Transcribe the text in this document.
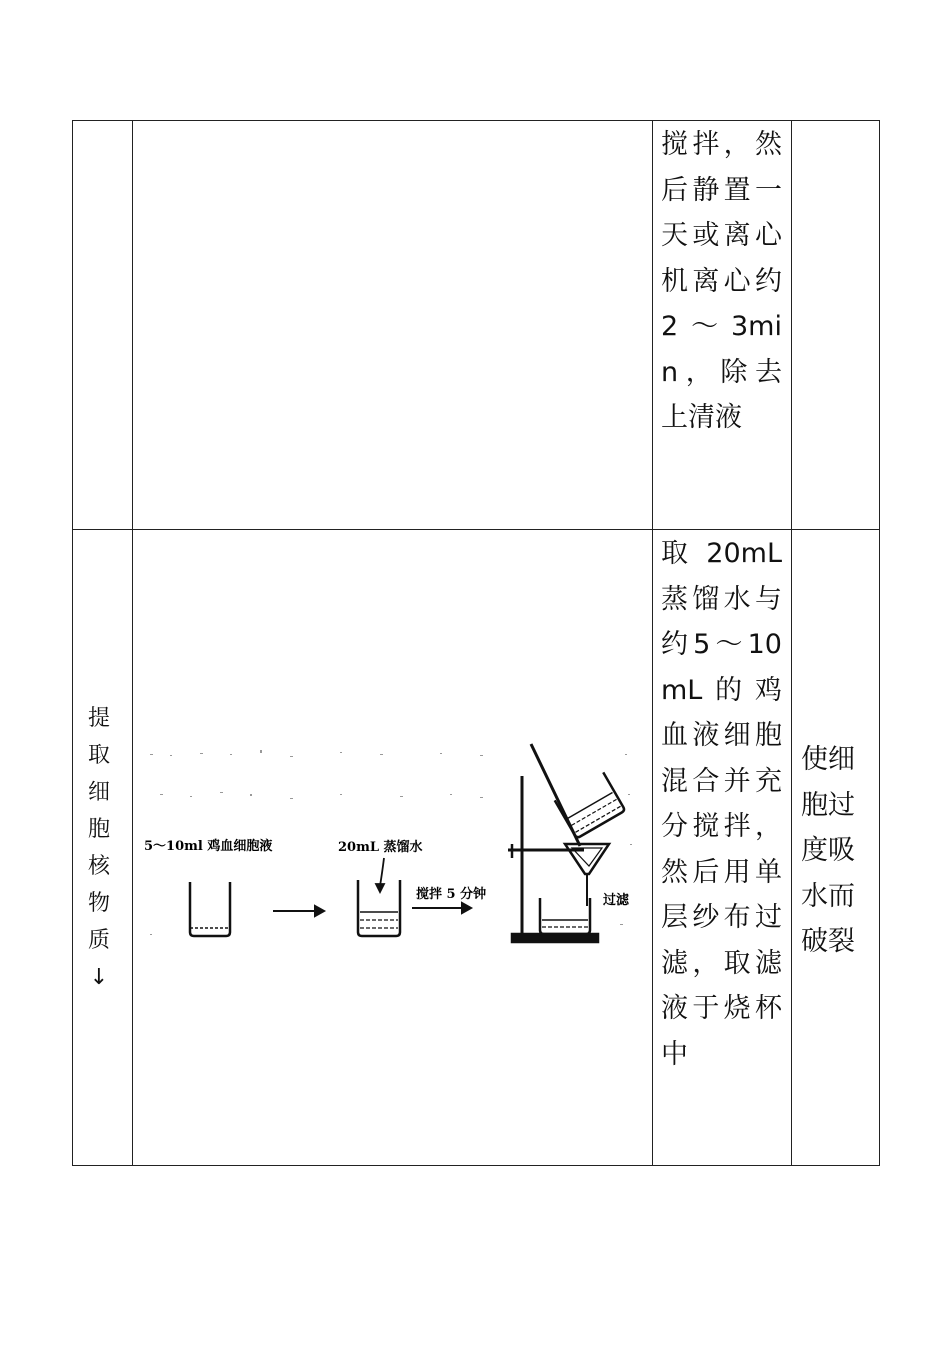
搅拌，然后静置一天或离心机离心约2～3min，除去上清液
提取细胞核物质↓
取20mL蒸馏水与约5～10mL的鸡血液细胞混合并充分搅拌，然后用单层纱布过滤，取滤液于烧杯中
使细胞过度吸水而破裂
5～10ml 鸡血细胞液	20mL 蒸馏水
搅拌 5 分钟	过滤
